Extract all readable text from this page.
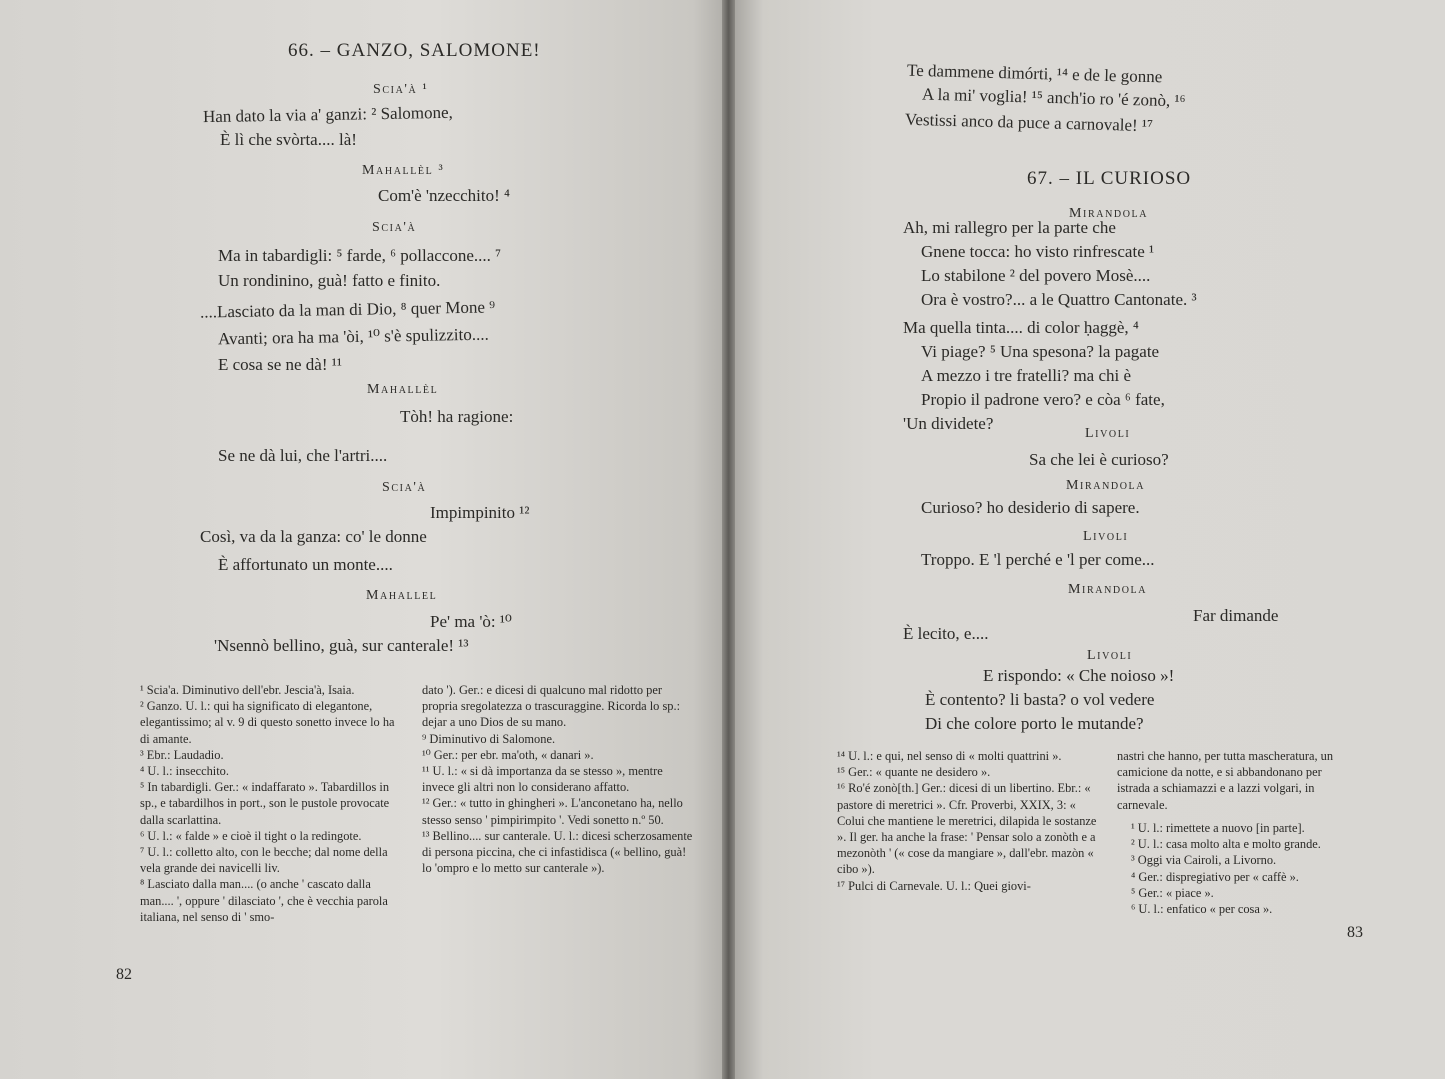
66. – GANZO, SALOMONE!
Scia'à ¹
Han dato la via a' ganzi: ² Salomone,
È lì che svòrta.... là!
Mahallèl ³
Com'è 'nzecchito! ⁴
Scia'à
Ma in tabardigli: ⁵ farde, ⁶ pollaccone.... ⁷
Un rondinino, guà! fatto e finito.
....Lasciato da la man di Dio, ⁸ quer Mone ⁹
Avanti; ora ha ma 'òi, ¹⁰ s'è spulizzito....
E cosa se ne dà! ¹¹
Mahallèl
Tòh! ha ragione:
Se ne dà lui, che l'artri....
Scia'à
Impimpinito ¹²
Così, va da la ganza: co' le donne
È affortunato un monte....
Mahallel
Pe' ma 'ò: ¹⁰
'Nsennò bellino, guà, sur canterale! ¹³
¹ Scia'a. Diminutivo dell'ebr. Jescia'à, Isaia.
² Ganzo. U. l.: qui ha significato di elegantone, elegantissimo; al v. 9 di questo sonetto invece lo ha di amante.
³ Ebr.: Laudadio.
⁴ U. l.: insecchito.
⁵ In tabardigli. Ger.: « indaffarato ». Tabardillos in sp., e tabardilhos in port., son le pustole provocate dalla scarlattina.
⁶ U. l.: « falde » e cioè il tight o la redingote.
⁷ U. l.: colletto alto, con le becche; dal nome della vela grande dei navicelli liv.
⁸ Lasciato dalla man.... (o anche ' cascato dalla man.... ', oppure ' dilasciato ', che è vecchia parola italiana, nel senso di ' smo-
dato '). Ger.: e dicesi di qualcuno mal ridotto per propria sregolatezza o trascuraggine. Ricorda lo sp.: dejar a uno Dios de su mano.
⁹ Diminutivo di Salomone.
¹⁰ Ger.: per ebr. ma'oth, « danari ».
¹¹ U. l.: « si dà importanza da se stesso », mentre invece gli altri non lo considerano affatto.
¹² Ger.: « tutto in ghingheri ». L'anconetano ha, nello stesso senso ' pimpirimpito '. Vedi sonetto n.º 50.
¹³ Bellino.... sur canterale. U. l.: dicesi scherzosamente di persona piccina, che ci infastidisca (« bellino, guà! lo 'ompro e lo metto sur canterale »).
82
Te dammene dimórti, ¹⁴ e de le gonne
A la mi' voglia! ¹⁵ anch'io ro 'é zonò, ¹⁶
Vestissi anco da puce a carnovale! ¹⁷
67. – IL CURIOSO
Mirandola
Ah, mi rallegro per la parte che
Gnene tocca: ho visto rinfrescate ¹
Lo stabilone ² del povero Mosè....
Ora è vostro?... a le Quattro Cantonate. ³
Ma quella tinta.... di color ḥaggè, ⁴
Vi piage? ⁵ Una spesona? la pagate
A mezzo i tre fratelli? ma chi è
Propio il padrone vero? e còa ⁶ fate,
'Un dividete?
Livoli
Sa che lei è curioso?
Mirandola
Curioso? ho desiderio di sapere.
Livoli
Troppo. E 'l perché e 'l per come...
Mirandola
Far dimande
È lecito, e....
Livoli
E rispondo: « Che noioso »!
È contento? li basta? o vol vedere
Di che colore porto le mutande?
¹⁴ U. l.: e qui, nel senso di « molti quattrini ».
¹⁵ Ger.: « quante ne desidero ».
¹⁶ Ro'é zonò[th.] Ger.: dicesi di un libertino. Ebr.: « pastore di meretrici ». Cfr. Proverbi, XXIX, 3: « Colui che mantiene le meretrici, dilapida le sostanze ». Il ger. ha anche la frase: ' Pensar solo a zonòth e a mezonòth ' (« cose da mangiare », dall'ebr. mazòn « cibo »).
¹⁷ Pulci di Carnevale. U. l.: Quei giovi-
nastri che hanno, per tutta mascheratura, un camicione da notte, e si abbandonano per istrada a schiamazzi e a lazzi volgari, in carnevale.
¹ U. l.: rimettete a nuovo [in parte].
² U. l.: casa molto alta e molto grande.
³ Oggi via Cairoli, a Livorno.
⁴ Ger.: dispregiativo per « caffè ».
⁵ Ger.: « piace ».
⁶ U. l.: enfatico « per cosa ».
83
